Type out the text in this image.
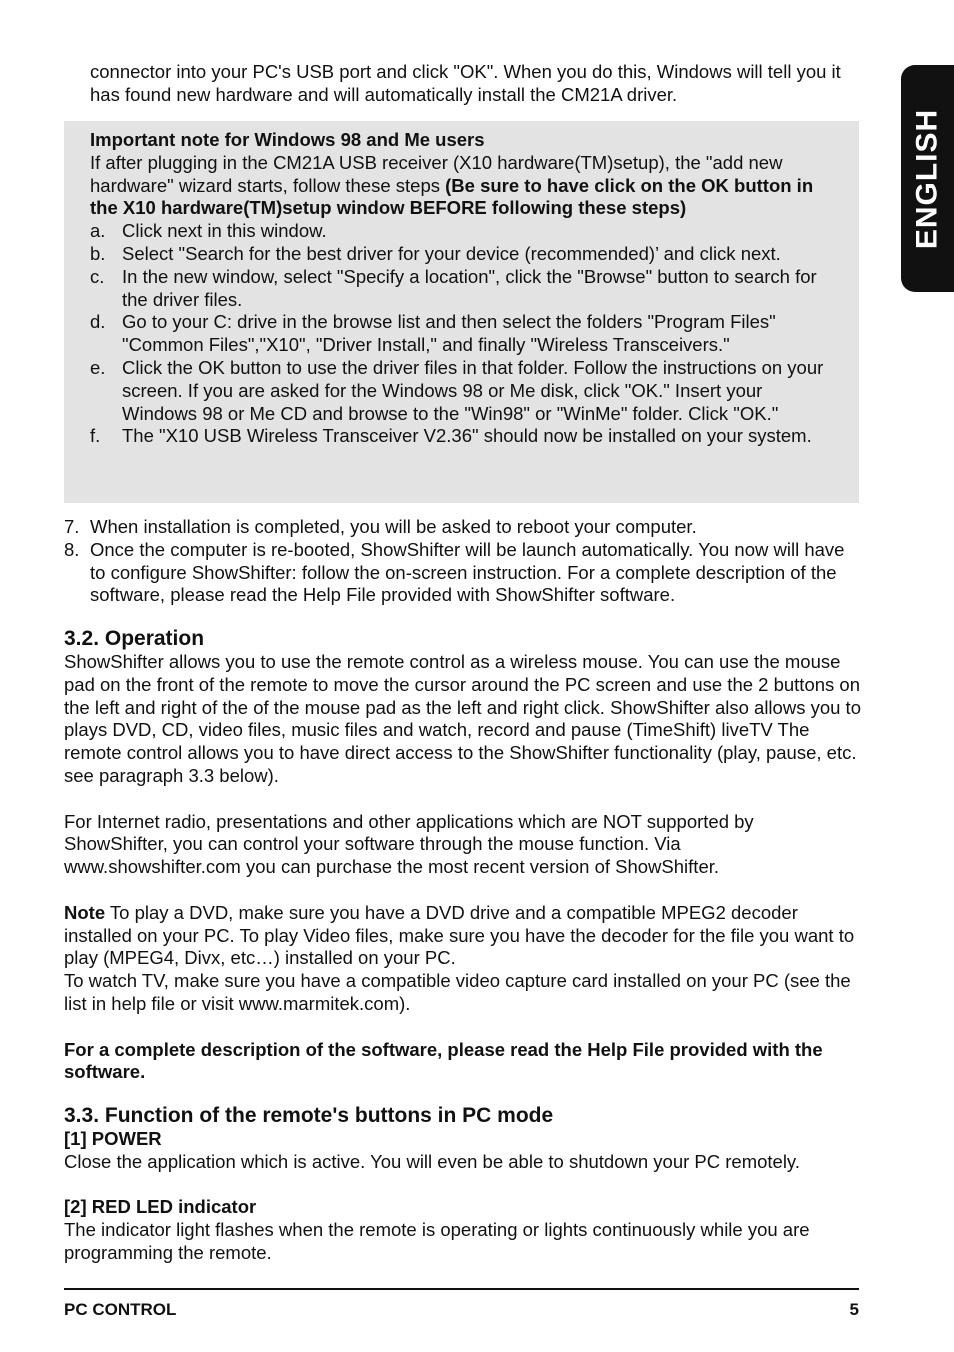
connector into your PC's USB port and click "OK". When you do this, Windows will tell you it has found new hardware and will automatically install the CM21A driver.

Important note for Windows 98 and Me users

If after plugging in the CM21A USB receiver (X10 hardware(TM)setup), the "add new hardware" wizard starts, follow these steps (Be sure to have click on the OK button in the X10 hardware(TM)setup window BEFORE following these steps)

a. Click next in this window.
b. Select "Search for the best driver for your device (recommended)’ and click next.
c. In the new window, select "Specify a location", click the "Browse" button to search for the driver files.
d. Go to your C: drive in the browse list and then select the folders "Program Files" "Common Files","X10", "Driver Install," and finally "Wireless Transceivers."
e. Click the OK button to use the driver files in that folder. Follow the instructions on your screen. If you are asked for the Windows 98 or Me disk, click "OK." Insert your Windows 98 or Me CD and browse to the "Win98" or "WinMe" folder. Click "OK."
f. The "X10 USB Wireless Transceiver V2.36" should now be installed on your system.
7. When installation is completed, you will be asked to reboot your computer.
8. Once the computer is re-booted, ShowShifter will be launch automatically. You now will have to configure ShowShifter: follow the on-screen instruction. For a complete description of the software, please read the Help File provided with ShowShifter software.
3.2. Operation

ShowShifter allows you to use the remote control as a wireless mouse. You can use the mouse pad on the front of the remote to move the cursor around the PC screen and use the 2 buttons on the left and right of the of the mouse pad as the left and right click. ShowShifter also allows you to plays DVD, CD, video files, music files and watch, record and pause (TimeShift) liveTV The remote control allows you to have direct access to the ShowShifter functionality (play, pause, etc. see paragraph 3.3 below).

For Internet radio, presentations and other applications which are NOT supported by ShowShifter, you can control your software through the mouse function. Via www.showshifter.com you can purchase the most recent version of ShowShifter.

Note To play a DVD, make sure you have a DVD drive and a compatible MPEG2 decoder installed on your PC. To play Video files, make sure you have the decoder for the file you want to play (MPEG4, Divx, etc…) installed on your PC.

To watch TV, make sure you have a compatible video capture card installed on your PC (see the list in help file or visit www.marmitek.com).

For a complete description of the software, please read the Help File provided with the software.

3.3. Function of the remote's buttons in PC mode

[1] POWER

Close the application which is active. You will even be able to shutdown your PC remotely.

[2] RED LED indicator

The indicator light flashes when the remote is operating or lights continuously while you are programming the remote.

PC CONTROL	5
ENGLISH
